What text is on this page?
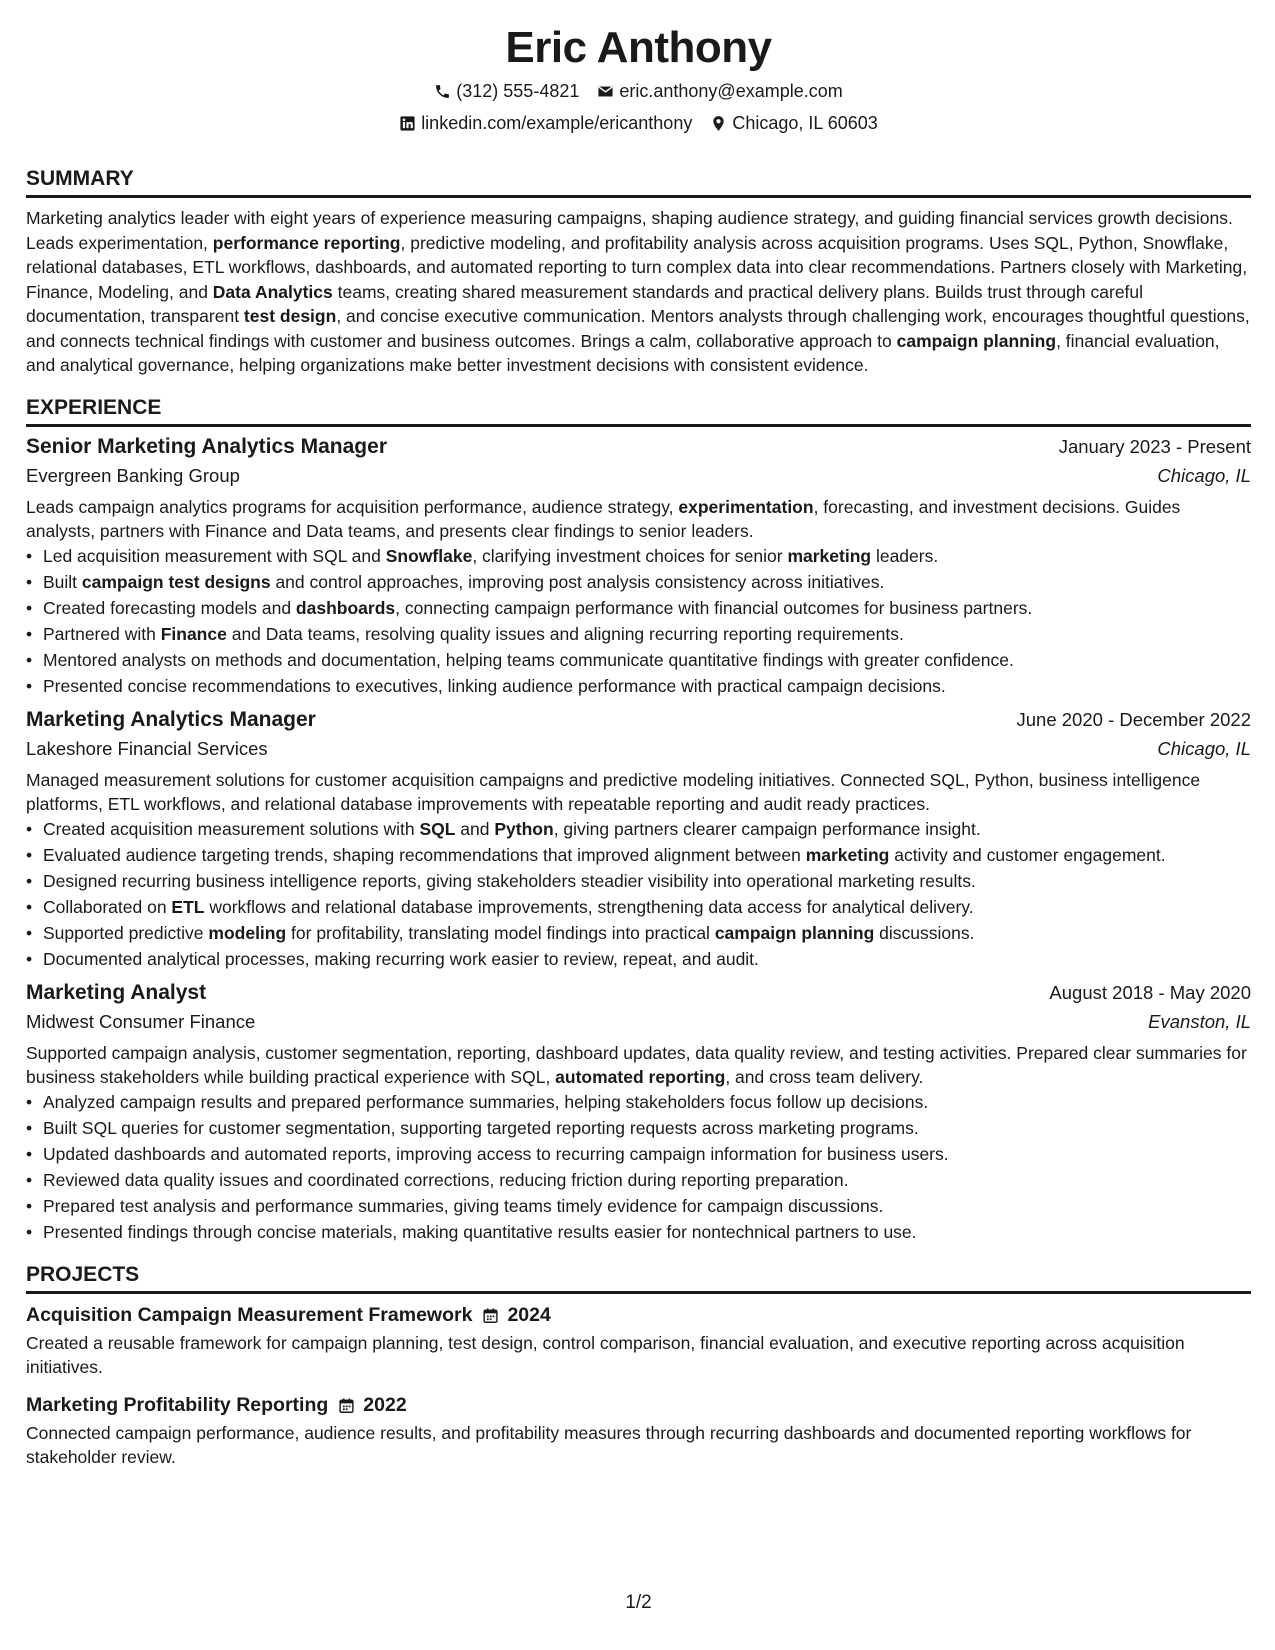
Eric Anthony
(312) 555-4821 eric.anthony@example.com
linkedin.com/example/ericanthony Chicago, IL 60603
SUMMARY

Marketing analytics leader with eight years of experience measuring campaigns, shaping audience strategy, and guiding financial services growth decisions. Leads experimentation, performance reporting, predictive modeling, and profitability analysis across acquisition programs. Uses SQL, Python, Snowflake, relational databases, ETL workflows, dashboards, and automated reporting to turn complex data into clear recommendations. Partners closely with Marketing, Finance, Modeling, and Data Analytics teams, creating shared measurement standards and practical delivery plans. Builds trust through careful documentation, transparent test design, and concise executive communication. Mentors analysts through challenging work, encourages thoughtful questions, and connects technical findings with customer and business outcomes. Brings a calm, collaborative approach to campaign planning, financial evaluation, and analytical governance, helping organizations make better investment decisions with consistent evidence.

EXPERIENCE
Senior Marketing Analytics Manager	January 2023 - Present
Evergreen Banking Group	Chicago, IL

Leads campaign analytics programs for acquisition performance, audience strategy, experimentation, forecasting, and investment decisions. Guides analysts, partners with Finance and Data teams, and presents clear findings to senior leaders.

• Led acquisition measurement with SQL and Snowflake, clarifying investment choices for senior marketing leaders.
• Built campaign test designs and control approaches, improving post analysis consistency across initiatives.
• Created forecasting models and dashboards, connecting campaign performance with financial outcomes for business partners.
• Partnered with Finance and Data teams, resolving quality issues and aligning recurring reporting requirements.
• Mentored analysts on methods and documentation, helping teams communicate quantitative findings with greater confidence.
• Presented concise recommendations to executives, linking audience performance with practical campaign decisions.
Marketing Analytics Manager	June 2020 - December 2022
Lakeshore Financial Services	Chicago, IL

Managed measurement solutions for customer acquisition campaigns and predictive modeling initiatives. Connected SQL, Python, business intelligence platforms, ETL workflows, and relational database improvements with repeatable reporting and audit ready practices.

• Created acquisition measurement solutions with SQL and Python, giving partners clearer campaign performance insight.
• Evaluated audience targeting trends, shaping recommendations that improved alignment between marketing activity and customer engagement.
• Designed recurring business intelligence reports, giving stakeholders steadier visibility into operational marketing results.
• Collaborated on ETL workflows and relational database improvements, strengthening data access for analytical delivery.
• Supported predictive modeling for profitability, translating model findings into practical campaign planning discussions.
• Documented analytical processes, making recurring work easier to review, repeat, and audit.
Marketing Analyst	August 2018 - May 2020
Midwest Consumer Finance	Evanston, IL

Supported campaign analysis, customer segmentation, reporting, dashboard updates, data quality review, and testing activities. Prepared clear summaries for business stakeholders while building practical experience with SQL, automated reporting, and cross team delivery.

• Analyzed campaign results and prepared performance summaries, helping stakeholders focus follow up decisions.
• Built SQL queries for customer segmentation, supporting targeted reporting requests across marketing programs.
• Updated dashboards and automated reports, improving access to recurring campaign information for business users.
• Reviewed data quality issues and coordinated corrections, reducing friction during reporting preparation.
• Prepared test analysis and performance summaries, giving teams timely evidence for campaign discussions.
• Presented findings through concise materials, making quantitative results easier for nontechnical partners to use.
PROJECTS
Acquisition Campaign Measurement Framework 2024

Created a reusable framework for campaign planning, test design, control comparison, financial evaluation, and executive reporting across acquisition initiatives.

Marketing Profitability Reporting 2022

Connected campaign performance, audience results, and profitability measures through recurring dashboards and documented reporting workflows for stakeholder review.

1/2
